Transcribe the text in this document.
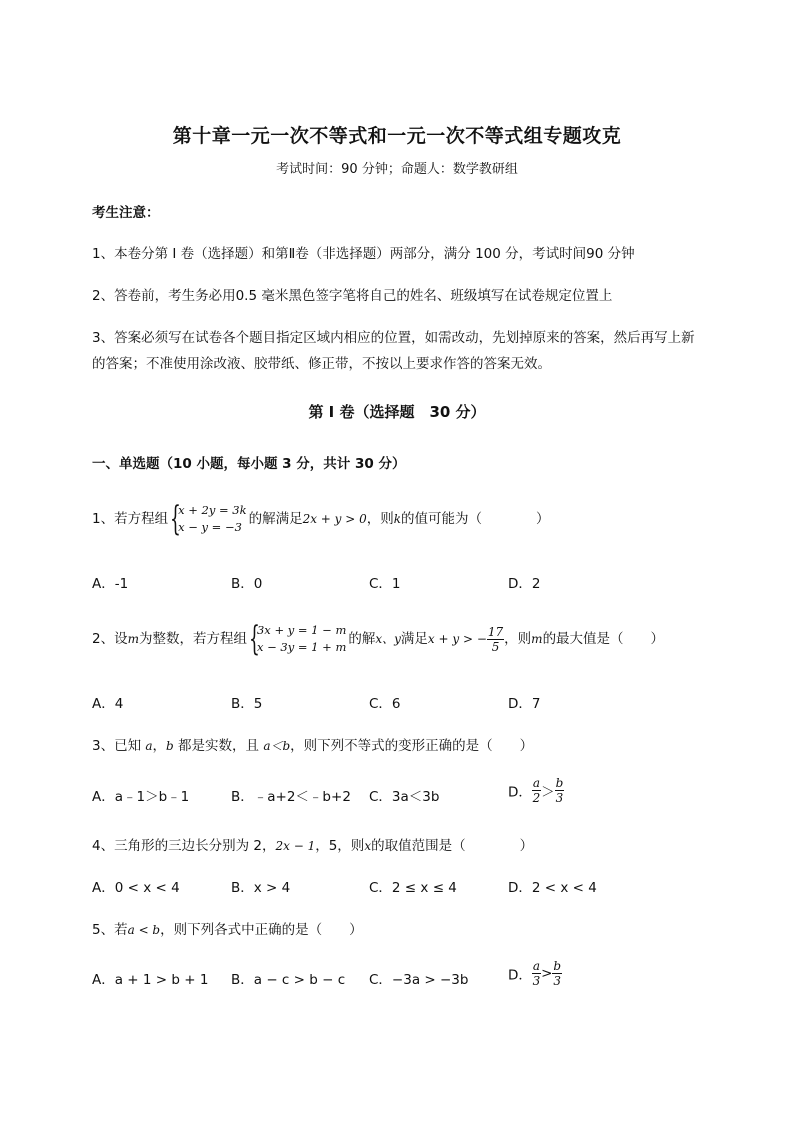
第十章一元一次不等式和一元一次不等式组专题攻克
考试时间：90 分钟；命题人：数学教研组
考生注意：
1、本卷分第 I 卷（选择题）和第Ⅱ卷（非选择题）两部分，满分 100 分，考试时间90 分钟
2、答卷前，考生务必用0.5 毫米黑色签字笔将自己的姓名、班级填写在试卷规定位置上
3、答案必须写在试卷各个题目指定区域内相应的位置，如需改动，先划掉原来的答案，然后再写上新
的答案；不准使用涂改液、胶带纸、修正带，不按以上要求作答的答案无效。
第 I 卷（选择题　30 分）
一、单选题（10 小题，每小题 3 分，共计 30 分）
1、若方程组 {
x + 2y = 3k
x − y = −3 的解满足2x + y > 0，则k的值可能为（　　　　）
A．-1	B．0	C．1	D．2
2、设m为整数，若方程组 {
3x + y = 1 − m
x − 3y = 1 + m 的解x、y满足x + y > − $\frac{17}{5}$ ，则m的最大值是（　　）
A．4	B．5	C．6	D．7
3、已知 a，b 都是实数，且 a＜b，则下列不等式的变形正确的是（　　）
A．a﹣1＞b﹣1	B．﹣a+2＜﹣b+2 C．3a＜3b	D． $\frac{a}{2} > \frac{b}{3}$
4、三角形的三边长分别为 2，2x − 1，5，则x的取值范围是（　　　　）
A．0 < x < 4	B．x > 4	C．2 ≤ x ≤ 4	D．2 < x < 4
5、若a < b，则下列各式中正确的是（　　）
A．a + 1 > b + 1 B．a − c > b − c C．−3a > −3b	D． $\frac{a}{3} > \frac{b}{3}$
